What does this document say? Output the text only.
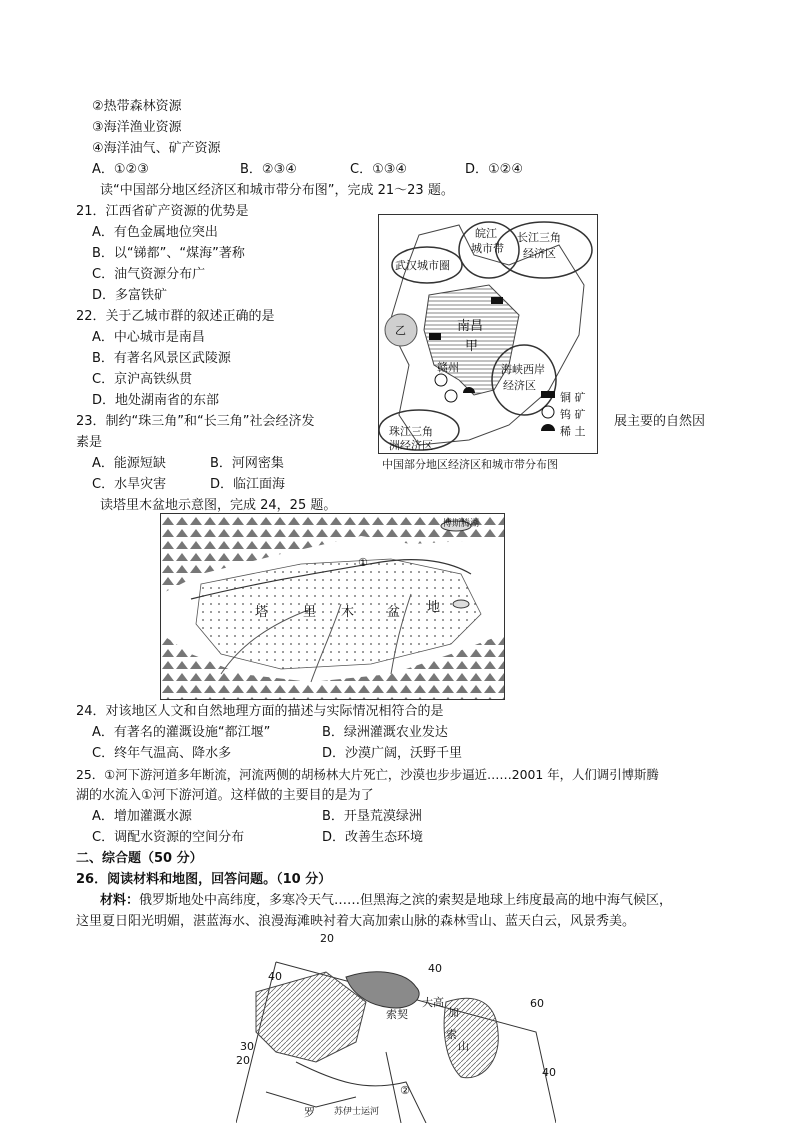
②热带森林资源
③海洋渔业资源
④海洋油气、矿产资源
A．①②③	B．②③④	C．①③④	D．①②④
读“中国部分地区经济区和城市带分布图”，完成 21～23 题。
21．江西省矿产资源的优势是
A．有色金属地位突出
B．以“锑都”、“煤海”著称
C．油气资源分布广
D．多富铁矿
22．关于乙城市群的叙述正确的是
A．中心城市是南昌
B．有著名风景区武陵源
C．京沪高铁纵贯
D．地处湖南省的东部
23．制约“珠三角”和“长三角”社会经济发	展主要的自然因
素是
A．能源短缺	B．河网密集
C．水旱灾害	D．临江面海
皖江
城市带
长江三角
经济区
武汉城市圈
乙	南昌
甲
赣州	海峡西岸
经济区
珠江三角
洲经济区
铜 矿
钨 矿
稀 土
中国部分地区经济区和城市带分布图
读塔里木盆地示意图，完成 24，25 题。
塔	里 木	盆 地
①
博斯腾湖
24．对该地区人文和自然地理方面的描述与实际情况相符合的是
A．有著名的灌溉设施“都江堰”	B．绿洲灌溉农业发达
C．终年气温高、降水多	D．沙漠广阔，沃野千里
25．①河下游河道多年断流，河流两侧的胡杨林大片死亡，沙漠也步步逼近……2001 年，人们调引博斯腾
湖的水流入①河下游河道。这样做的主要目的是为了
A．增加灌溉水源	B．开垦荒漠绿洲
C．调配水资源的空间分布	D．改善生态环境
二、综合题（50 分）
26．阅读材料和地图，回答问题。（10 分）
材料：俄罗斯地处中高纬度，多寒冷天气……但黑海之滨的索契是地球上纬度最高的地中海气候区，
这里夏日阳光明媚，湛蓝海水、浪漫海滩映衬着大高加索山脉的森林雪山、蓝天白云，风景秀美。
20
40
60
30
20
40
40
大高
加
索
索契
山
罗
②
苏伊士运河
